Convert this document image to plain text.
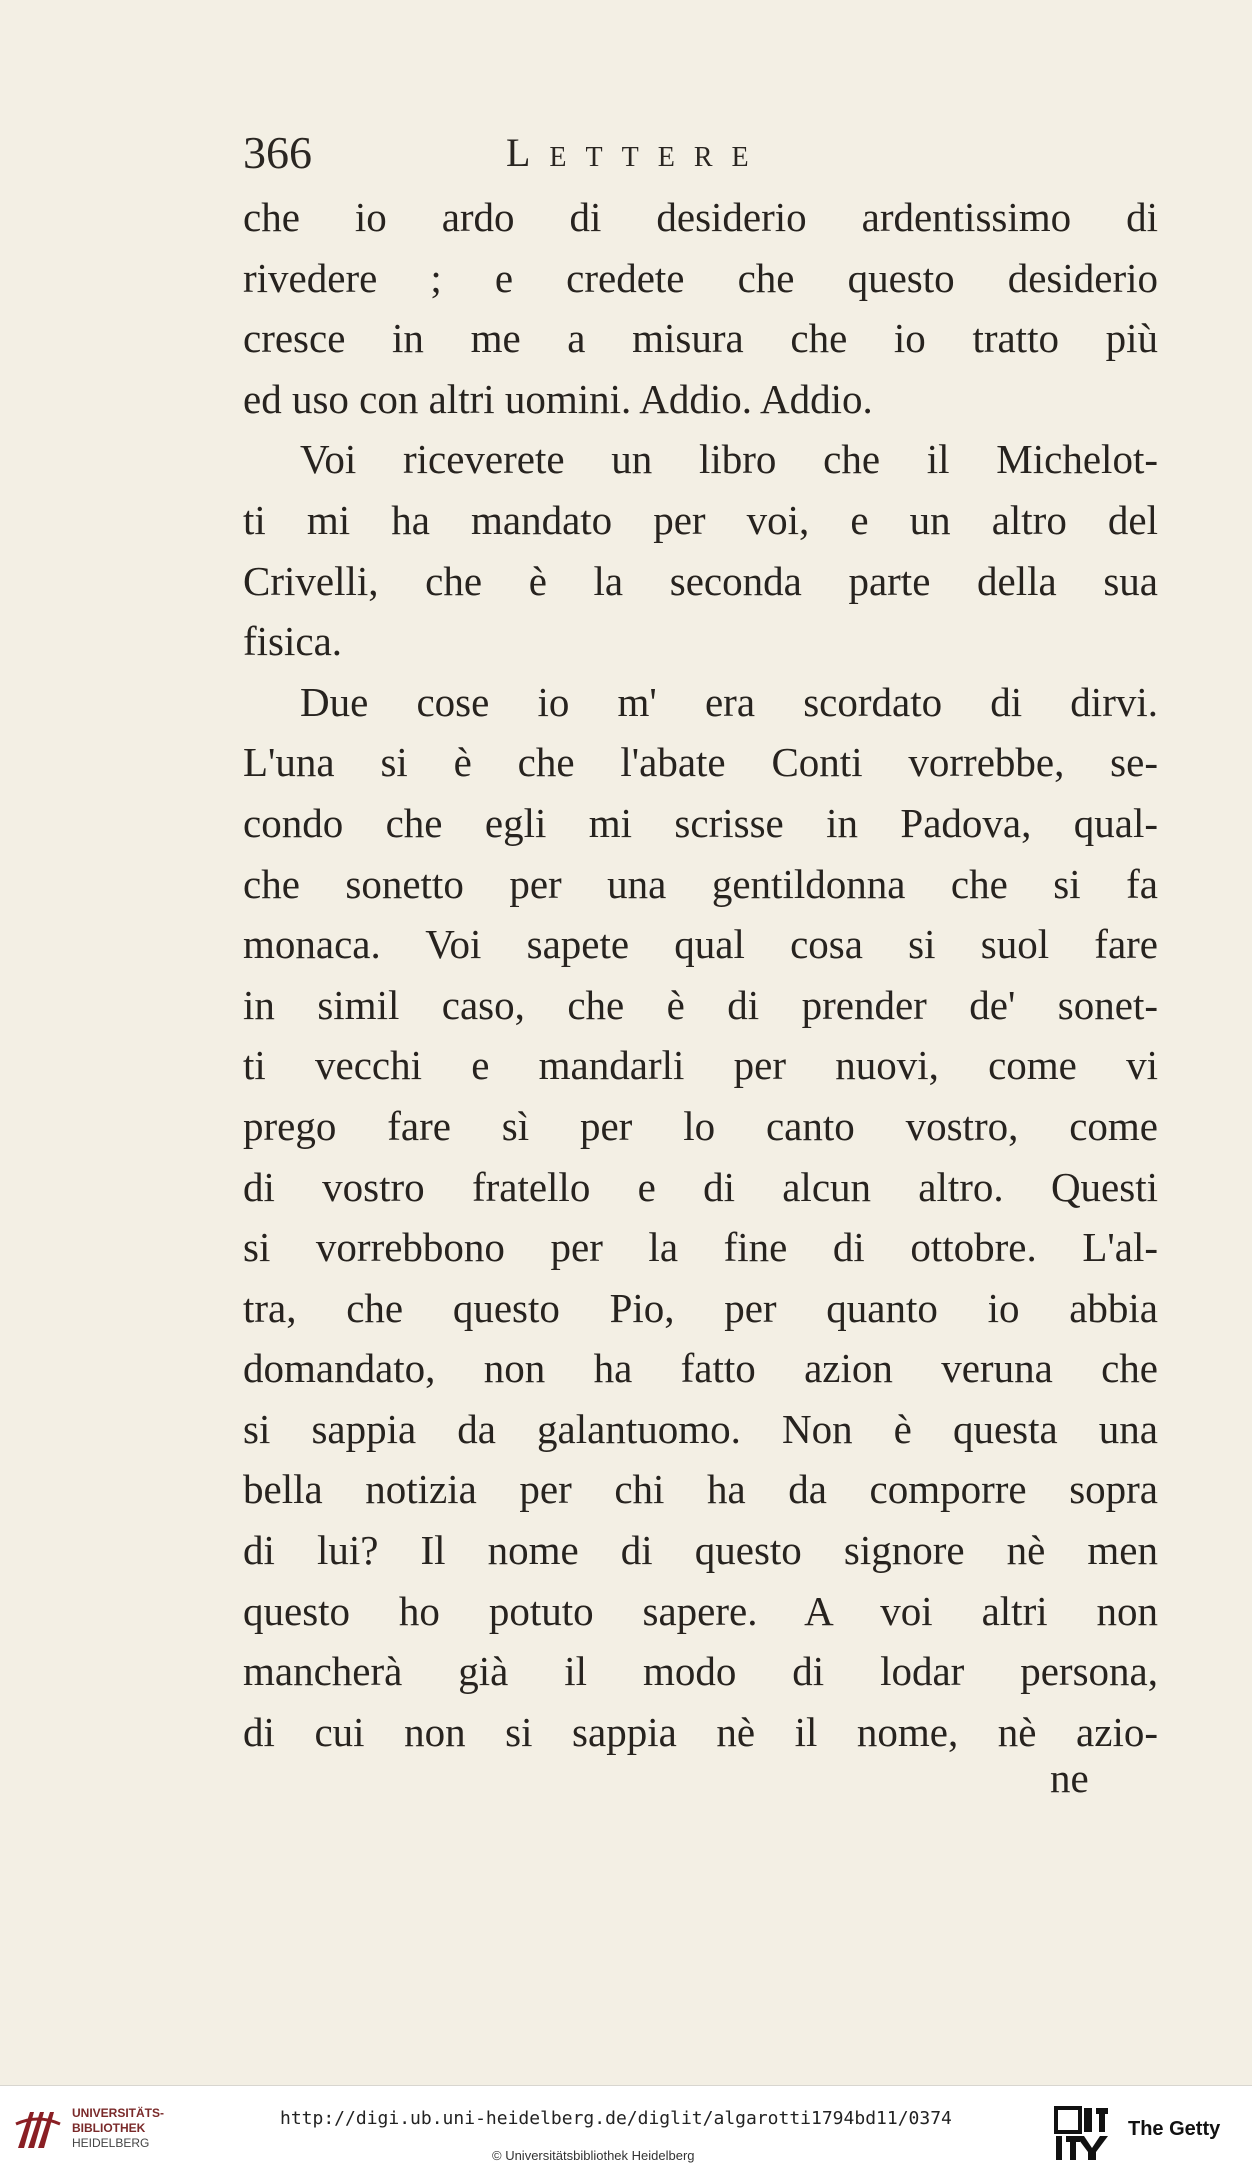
366	Lettere
che io ardo di desiderio ardentissimo di
rivedere ; e credete che questo desiderio
cresce in me a misura che io tratto più
ed uso con altri uomini. Addio. Addio.
Voi riceverete un libro che il Michelot-
ti mi ha mandato per voi, e un altro del
Crivelli, che è la seconda parte della sua
fisica.
Due cose io m' era scordato di dirvi.
L'una si è che l'abate Conti vorrebbe, se-
condo che egli mi scrisse in Padova, qual-
che sonetto per una gentildonna che si fa
monaca. Voi sapete qual cosa si suol fare
in simil caso, che è di prender de' sonet-
ti vecchi e mandarli per nuovi, come vi
prego fare sì per lo canto vostro, come
di vostro fratello e di alcun altro. Questi
si vorrebbono per la fine di ottobre. L'al-
tra, che questo Pio, per quanto io abbia
domandato, non ha fatto azion veruna che
si sappia da galantuomo. Non è questa una
bella notizia per chi ha da comporre sopra
di lui? Il nome di questo signore nè men
questo ho potuto sapere. A voi altri non
mancherà già il modo di lodar persona,
di cui non si sappia nè il nome, nè azio-
ne
UNIVERSITÄTS-
BIBLIOTHEK
HEIDELBERG
http://digi.ub.uni-heidelberg.de/diglit/algarotti1794bd11/0374
© Universitätsbibliothek Heidelberg
The Getty
